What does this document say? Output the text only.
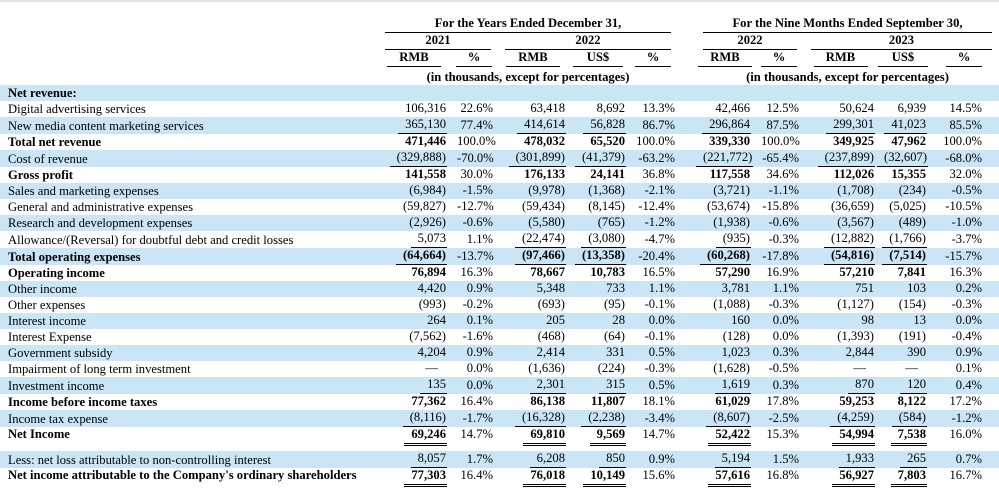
	For the Years Ended December 31,						For the Nine Months Ended September 30,				

	2021		2022				2022		2023		

	RMB	%	RMB	US$	%		RMB	%	RMB	US$	%
	(in thousands, except for percentages)						(in thousands, except for percentages)				
Net revenue:											
Digital advertising services	106,316	22.6%	63,418	8,692	13.3%		42,466	12.5%	50,624	6,939	14.5%
New media content marketing services	365,130	77.4%	414,614	56,828	86.7%		296,864	87.5%	299,301	41,023	85.5%
Total net revenue	471,446	100.0%	478,032	65,520	100.0%		339,330	100.0%	349,925	47,962	100.0%
Cost of revenue	(329,888)	-70.0%	(301,899)	(41,379)	-63.2%		(221,772)	-65.4%	(237,899)	(32,607)	-68.0%
Gross profit	141,558	30.0%	176,133	24,141	36.8%		117,558	34.6%	112,026	15,355	32.0%
Sales and marketing expenses	(6,984)	-1.5%	(9,978)	(1,368)	-2.1%		(3,721)	-1.1%	(1,708)	(234)	-0.5%
General and administrative expenses	(59,827)	-12.7%	(59,434)	(8,145)	-12.4%		(53,674)	-15.8%	(36,659)	(5,025)	-10.5%
Research and development expenses	(2,926)	-0.6%	(5,580)	(765)	-1.2%		(1,938)	-0.6%	(3,567)	(489)	-1.0%
Allowance/(Reversal) for doubtful debt and credit losses	5,073	1.1%	(22,474)	(3,080)	-4.7%		(935)	-0.3%	(12,882)	(1,766)	-3.7%
Total operating expenses	(64,664)	-13.7%	(97,466)	(13,358)	-20.4%		(60,268)	-17.8%	(54,816)	(7,514)	-15.7%
Operating income	76,894	16.3%	78,667	10,783	16.5%		57,290	16.9%	57,210	7,841	16.3%
Other income	4,420	0.9%	5,348	733	1.1%		3,781	1.1%	751	103	0.2%
Other expenses	(993)	-0.2%	(693)	(95)	-0.1%		(1,088)	-0.3%	(1,127)	(154)	-0.3%
Interest income	264	0.1%	205	28	0.0%		160	0.0%	98	13	0.0%
Interest Expense	(7,562)	-1.6%	(468)	(64)	-0.1%		(128)	0.0%	(1,393)	(191)	-0.4%
Government subsidy	4,204	0.9%	2,414	331	0.5%		1,023	0.3%	2,844	390	0.9%
Impairment of long term investment	—	0.0%	(1,636)	(224)	-0.3%		(1,628)	-0.5%	—	—	0.1%
Investment income	135	0.0%	2,301	315	0.5%		1,619	0.3%	870	120	0.4%
Income before income taxes	77,362	16.4%	86,138	11,807	18.1%		61,029	17.8%	59,253	8,122	17.2%
Income tax expense	(8,116)	-1.7%	(16,328)	(2,238)	-3.4%		(8,607)	-2.5%	(4,259)	(584)	-1.2%
Net Income	69,246	14.7%	69,810	9,569	14.7%		52,422	15.3%	54,994	7,538	16.0%
Less: net loss attributable to non-controlling interest	8,057	1.7%	6,208	850	0.9%		5,194	1.5%	1,933	265	0.7%
Net income attributable to the Company's ordinary shareholders	77,303	16.4%	76,018	10,149	15.6%		57,616	16.8%	56,927	7,803	16.7%
